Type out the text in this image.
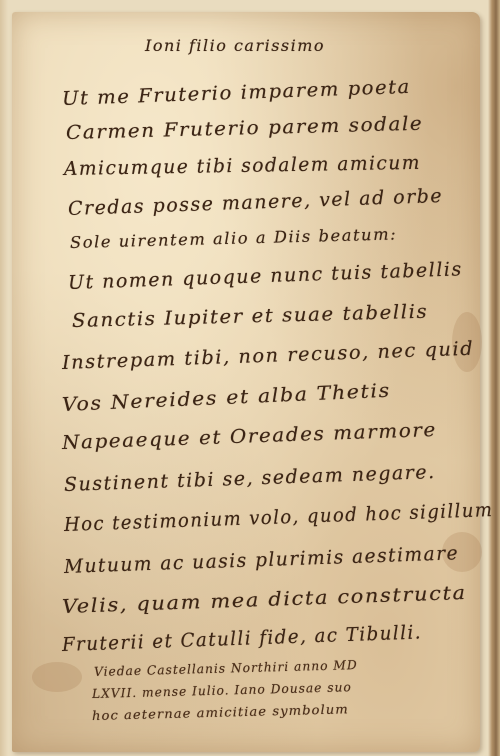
Ioni filio carissimo
Ut me Fruterio imparem poeta
Carmen Fruterio parem sodale
Amicumque tibi sodalem amicum
Credas posse manere, vel ad orbe
Sole uirentem alio a Diis beatum:
Ut nomen quoque nunc tuis tabellis
Sanctis Iupiter et suae tabellis
Instrepam tibi, non recuso, nec quid
Vos Nereides et alba Thetis
Napeaeque et Oreades marmore
Sustinent tibi se, sedeam negare.
Hoc testimonium volo, quod hoc sigillum
Mutuum ac uasis plurimis aestimare
Velis, quam mea dicta constructa
Fruterii et Catulli fide, ac Tibulli.
Viedae Castellanis Northiri anno MD
LXVII. mense Iulio. Iano Dousae suo
hoc aeternae amicitiae symbolum
